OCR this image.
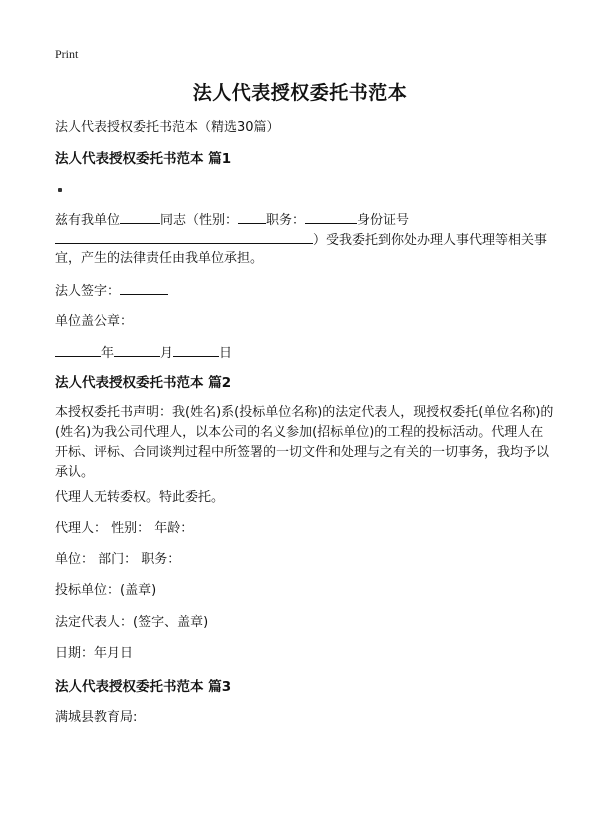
Print
法人代表授权委托书范本
法人代表授权委托书范本（精选30篇）
法人代表授权委托书范本 篇1
兹有我单位	同志（性别： 职务：	身份证号
）受我委托到你处办理人事代理等相关事
宜，产生的法律责任由我单位承担。
法人签字：
单位盖公章：
年	月	日
法人代表授权委托书范本 篇2
本授权委托书声明：我(姓名)系(投标单位名称)的法定代表人，现授权委托(单位名称)的(姓名)为我公司代理人，以本公司的名义参加(招标单位)的工程的投标活动。代理人在开标、评标、合同谈判过程中所签署的一切文件和处理与之有关的一切事务，我均予以承认。
代理人无转委权。特此委托。
代理人： 性别： 年龄：
单位： 部门： 职务：
投标单位：(盖章)
法定代表人：(签字、盖章)
日期：年月日
法人代表授权委托书范本 篇3
满城县教育局:
